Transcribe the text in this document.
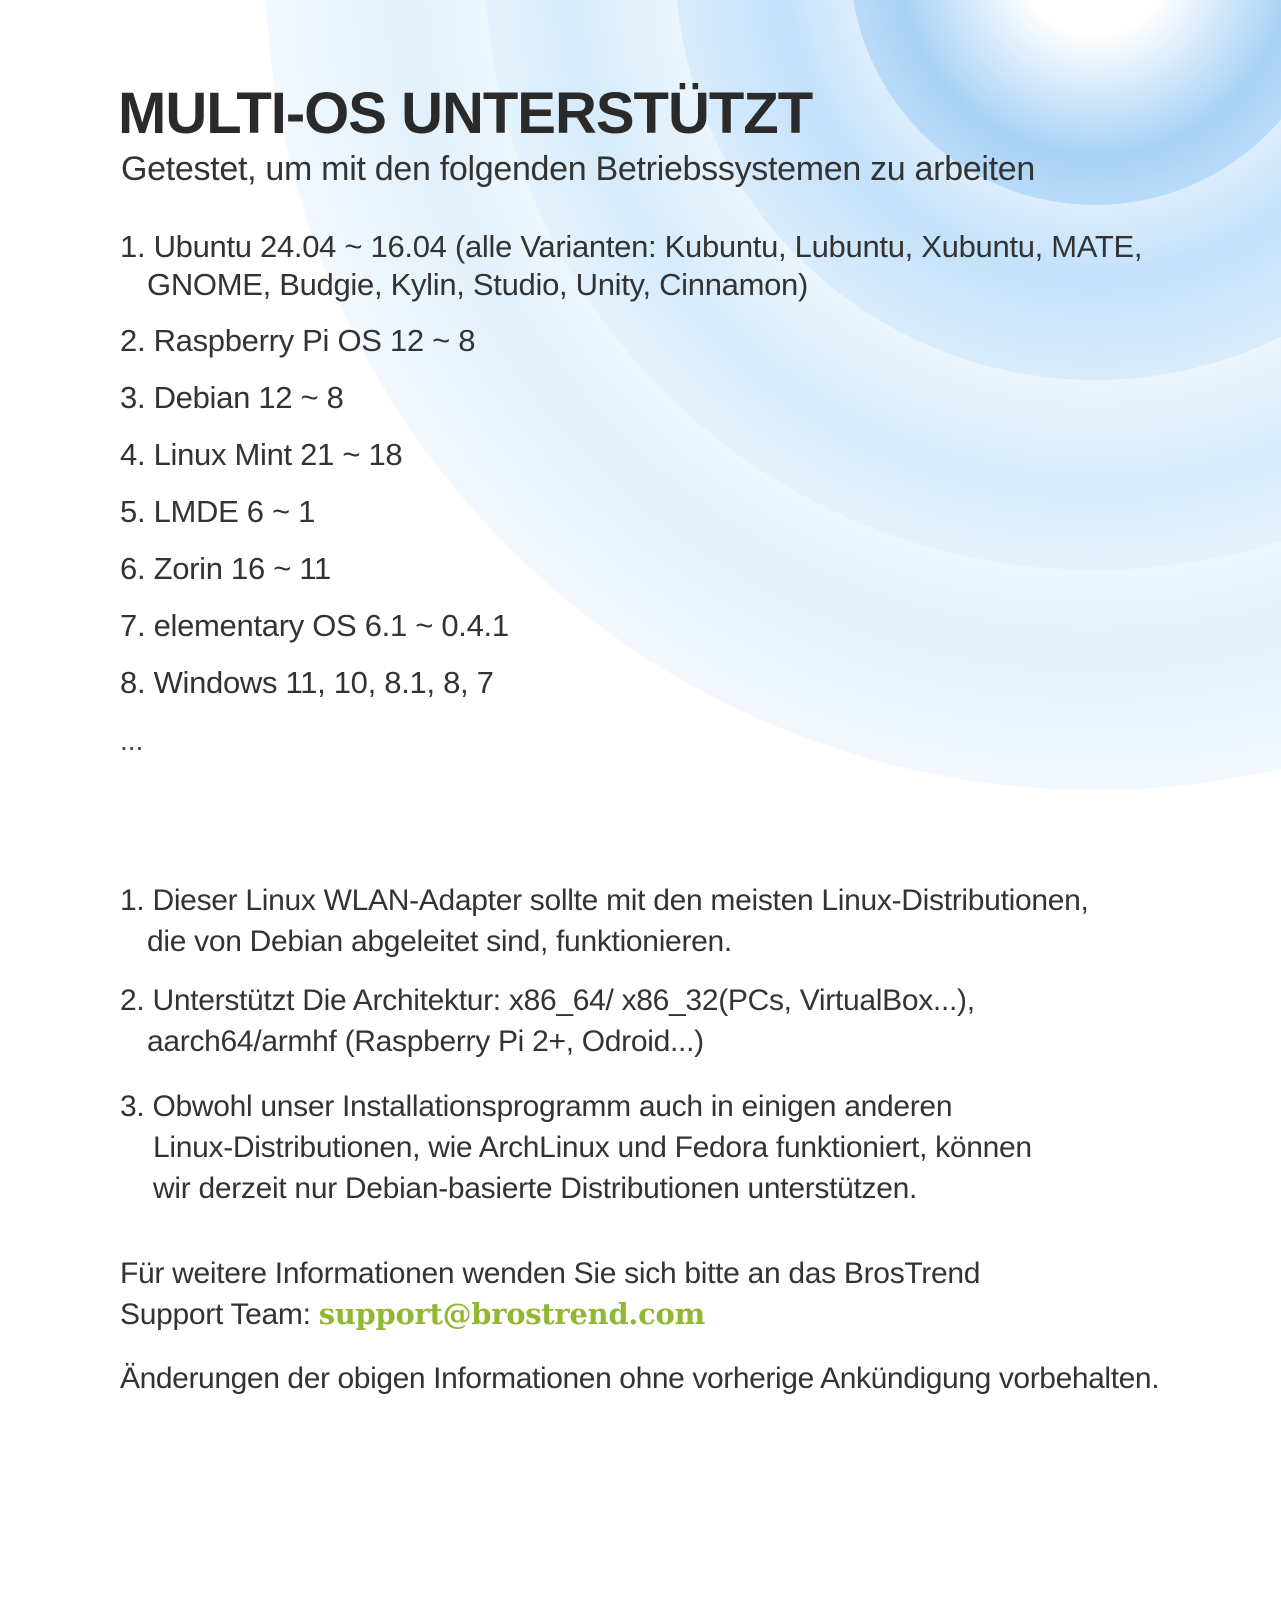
MULTI-OS UNTERSTÜTZT

Getestet, um mit den folgenden Betriebssystemen zu arbeiten

1. Ubuntu 24.04 ~ 16.04 (alle Varianten: Kubuntu, Lubuntu, Xubuntu, MATE,
GNOME, Budgie, Kylin, Studio, Unity, Cinnamon)
2. Raspberry Pi OS 12 ~ 8
3. Debian 12 ~ 8
4. Linux Mint 21 ~ 18
5. LMDE 6 ~ 1
6. Zorin 16 ~ 11
7. elementary OS 6.1 ~ 0.4.1
8. Windows 11, 10, 8.1, 8, 7
...
1. Dieser Linux WLAN-Adapter sollte mit den meisten Linux-Distributionen,
die von Debian abgeleitet sind, funktionieren.
2. Unterstützt Die Architektur: x86_64/ x86_32(PCs, VirtualBox...),
aarch64/armhf (Raspberry Pi 2+, Odroid...)
3. Obwohl unser Installationsprogramm auch in einigen anderen
Linux-Distributionen, wie ArchLinux und Fedora funktioniert, können
wir derzeit nur Debian-basierte Distributionen unterstützen.
Für weitere Informationen wenden Sie sich bitte an das BrosTrend
Support Team: support@brostrend.com
Änderungen der obigen Informationen ohne vorherige Ankündigung vorbehalten.
